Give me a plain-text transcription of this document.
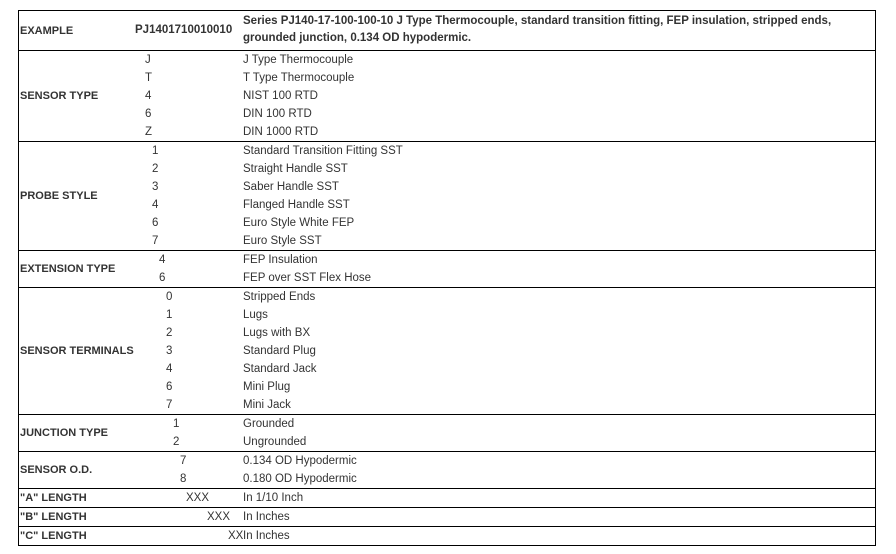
EXAMPLE	PJ1401710010010
Series PJ140-17-100-100-10 J Type Thermocouple, standard transition fitting, FEP insulation, stripped ends, grounded junction, 0.134 OD hypodermic.
SENSOR TYPE
J	J Type Thermocouple
T	T Type Thermocouple
4	NIST 100 RTD
6	DIN 100 RTD
Z	DIN 1000 RTD
PROBE STYLE
1	Standard Transition Fitting SST
2	Straight Handle SST
3	Saber Handle SST
4	Flanged Handle SST
6	Euro Style White FEP
7	Euro Style SST
EXTENSION TYPE
4	FEP Insulation
6	FEP over SST Flex Hose
SENSOR TERMINALS
0	Stripped Ends
1	Lugs
2	Lugs with BX
3	Standard Plug
4	Standard Jack
6	Mini Plug
7	Mini Jack
JUNCTION TYPE
1	Grounded
2	Ungrounded
SENSOR O.D.
7	0.134 OD Hypodermic
8	0.180 OD Hypodermic
"A" LENGTH	XXX	In 1/10 Inch
"B" LENGTH	XXX	In Inches
"C" LENGTH	XX In Inches
